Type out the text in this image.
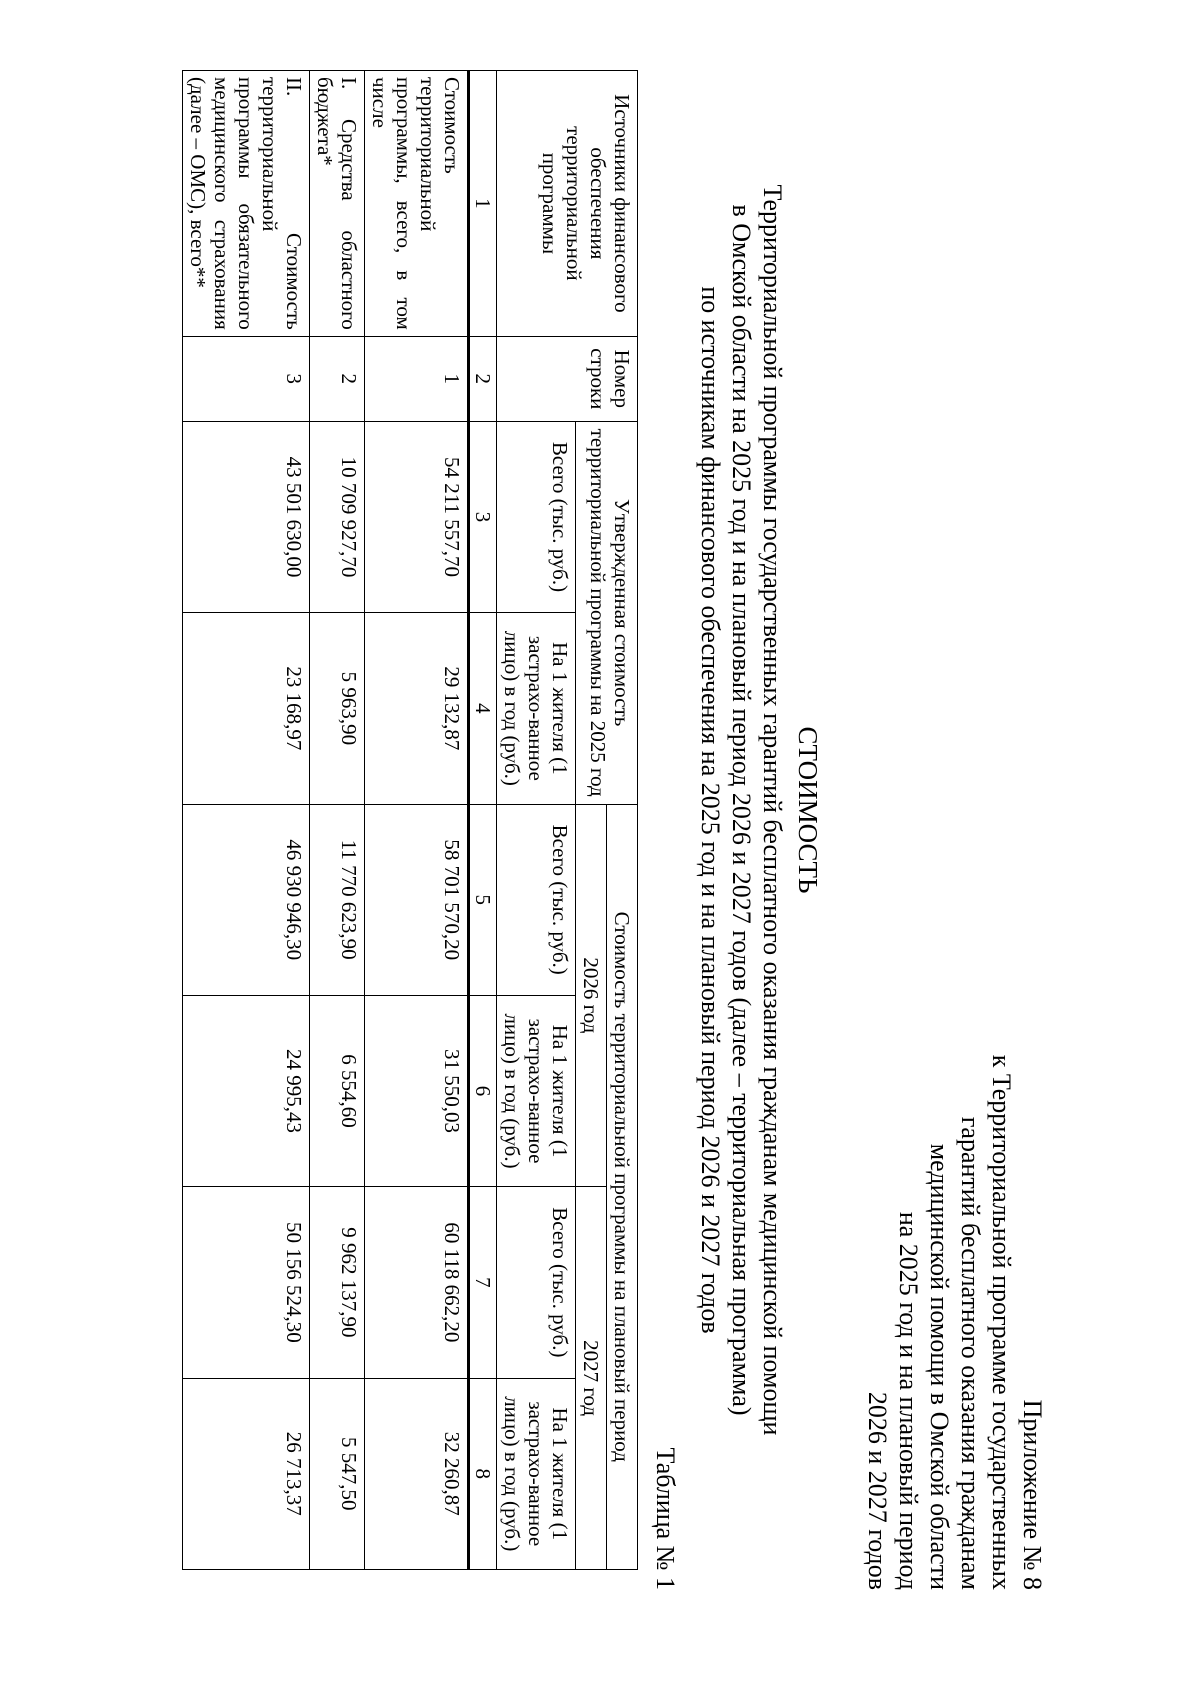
Приложение № 8
к Территориальной программе государственных
гарантий бесплатного оказания гражданам
медицинской помощи в Омской области
на 2025 год и на плановый период
2026 и 2027 годов
СТОИМОСТЬ
Территориальной программы государственных гарантий бесплатного оказания гражданам медицинской помощи
в Омской области на 2025 год и на плановый период 2026 и 2027 годов (далее – территориальная программа)
по источникам финансового обеспечения на 2025 год и на плановый период 2026 и 2027 годов
Таблица № 1
Источники финансового обеспечения территориальной программы	Номер строки	Утвержденная стоимость территориальной программы на 2025 год		Стоимость территориальной программы на плановый период			
				2026 год		2027 год	
		Всего (тыс. руб.)	На 1 жителя (1 застрахо-ванное лицо) в год (руб.)	Всего (тыс. руб.)	На 1 жителя (1 застрахо-ванное лицо) в год (руб.)	Всего (тыс. руб.)	На 1 жителя (1 застрахо-ванное лицо) в год (руб.)
1	2	3	4	5	6	7	8
Стоимость территориальной программы, всего, в том числе	1	54 211 557,70	29 132,87	58 701 570,20	31 550,03	60 118 662,20	32 260,87
I. Средства областного бюджета*	2	10 709 927,70	5 963,90	11 770 623,90	6 554,60	9 962 137,90	5 547,50
II. Стоимость территориальной программы обязательного медицинского страхования (далее – ОМС), всего**	3	43 501 630,00	23 168,97	46 930 946,30	24 995,43	50 156 524,30	26 713,37
